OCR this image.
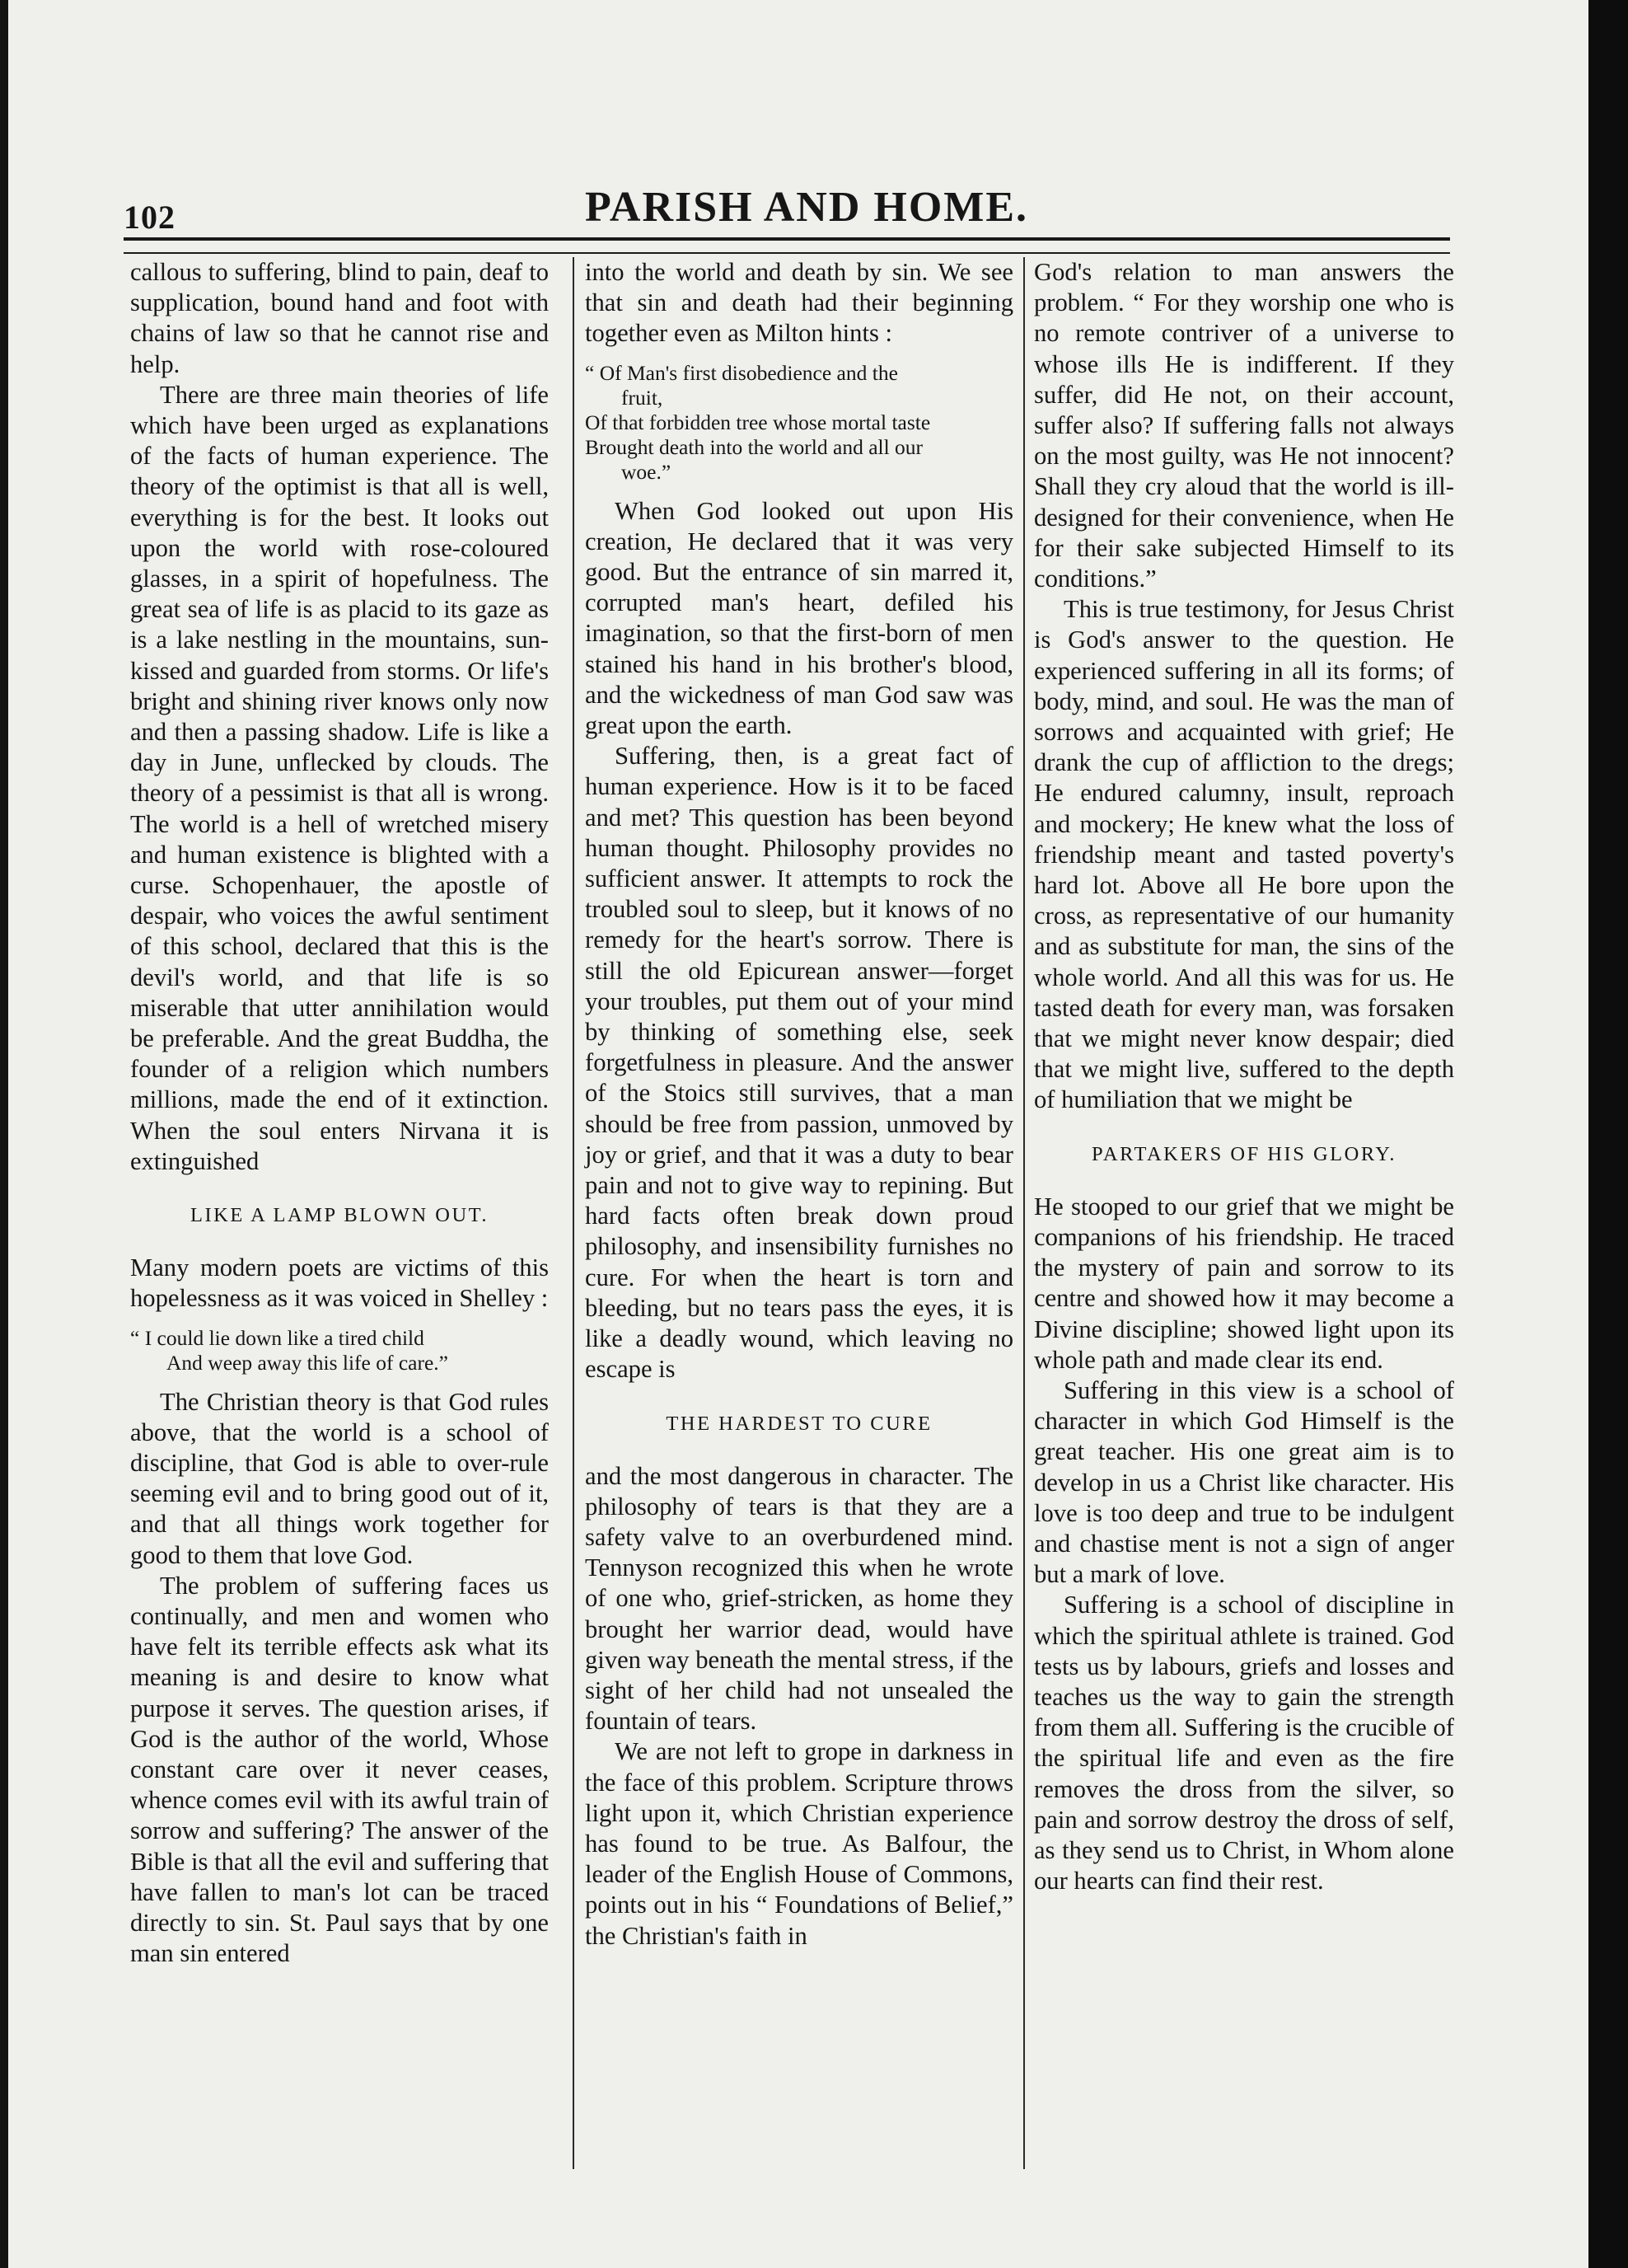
102	PARISH AND HOME.

callous to suffering, blind to pain, deaf to supplication, bound hand and foot with chains of law so that he cannot rise and help.

There are three main theories of life which have been urged as explanations of the facts of human experience. The theory of the optimist is that all is well, everything is for the best. It looks out upon the world with rose-coloured glasses, in a spirit of hopefulness. The great sea of life is as placid to its gaze as is a lake nestling in the mountains, sun-kissed and guarded from storms. Or life's bright and shining river knows only now and then a passing shadow. Life is like a day in June, unflecked by clouds. The theory of a pessimist is that all is wrong. The world is a hell of wretched misery and human existence is blighted with a curse. Schopenhauer, the apostle of despair, who voices the awful sentiment of this school, declared that this is the devil's world, and that life is so miserable that utter annihilation would be preferable. And the great Buddha, the founder of a religion which numbers millions, made the end of it extinction. When the soul enters Nirvana it is extinguished

LIKE A LAMP BLOWN OUT.

Many modern poets are victims of this hopelessness as it was voiced in Shelley :

“ I could lie down like a tired child
And weep away this life of care.”

The Christian theory is that God rules above, that the world is a school of discipline, that God is able to over-rule seeming evil and to bring good out of it, and that all things work together for good to them that love God.

The problem of suffering faces us continually, and men and women who have felt its terrible effects ask what its meaning is and desire to know what purpose it serves. The question arises, if God is the author of the world, Whose constant care over it never ceases, whence comes evil with its awful train of sorrow and suffering? The answer of the Bible is that all the evil and suffering that have fallen to man's lot can be traced directly to sin. St. Paul says that by one man sin entered

into the world and death by sin. We see that sin and death had their beginning together even as Milton hints :

“ Of Man's first disobedience and the
fruit,
Of that forbidden tree whose mortal taste
Brought death into the world and all our
woe.”

When God looked out upon His creation, He declared that it was very good. But the entrance of sin marred it, corrupted man's heart, defiled his imagination, so that the first-born of men stained his hand in his brother's blood, and the wickedness of man God saw was great upon the earth.

Suffering, then, is a great fact of human experience. How is it to be faced and met? This question has been beyond human thought. Philosophy provides no sufficient answer. It attempts to rock the troubled soul to sleep, but it knows of no remedy for the heart's sorrow. There is still the old Epicurean answer—forget your troubles, put them out of your mind by thinking of something else, seek forgetfulness in pleasure. And the answer of the Stoics still survives, that a man should be free from passion, unmoved by joy or grief, and that it was a duty to bear pain and not to give way to repining. But hard facts often break down proud philosophy, and insensibility furnishes no cure. For when the heart is torn and bleeding, but no tears pass the eyes, it is like a deadly wound, which leaving no escape is

THE HARDEST TO CURE

and the most dangerous in character. The philosophy of tears is that they are a safety valve to an overburdened mind. Tennyson recognized this when he wrote of one who, grief-stricken, as home they brought her warrior dead, would have given way beneath the mental stress, if the sight of her child had not unsealed the fountain of tears.

We are not left to grope in darkness in the face of this problem. Scripture throws light upon it, which Christian experience has found to be true. As Balfour, the leader of the English House of Commons, points out in his “ Foundations of Belief,” the Christian's faith in

God's relation to man answers the problem. “ For they worship one who is no remote contriver of a universe to whose ills He is indifferent. If they suffer, did He not, on their account, suffer also? If suffering falls not always on the most guilty, was He not innocent? Shall they cry aloud that the world is ill-designed for their convenience, when He for their sake subjected Himself to its conditions.”

This is true testimony, for Jesus Christ is God's answer to the question. He experienced suffering in all its forms; of body, mind, and soul. He was the man of sorrows and acquainted with grief; He drank the cup of affliction to the dregs; He endured calumny, insult, reproach and mockery; He knew what the loss of friendship meant and tasted poverty's hard lot. Above all He bore upon the cross, as representative of our humanity and as substitute for man, the sins of the whole world. And all this was for us. He tasted death for every man, was forsaken that we might never know despair; died that we might live, suffered to the depth of humiliation that we might be

PARTAKERS OF HIS GLORY.

He stooped to our grief that we might be companions of his friendship. He traced the mystery of pain and sorrow to its centre and showed how it may become a Divine discipline; showed light upon its whole path and made clear its end.

Suffering in this view is a school of character in which God Himself is the great teacher. His one great aim is to develop in us a Christ like character. His love is too deep and true to be indulgent and chastise ment is not a sign of anger but a mark of love.

Suffering is a school of discipline in which the spiritual athlete is trained. God tests us by labours, griefs and losses and teaches us the way to gain the strength from them all. Suffering is the crucible of the spiritual life and even as the fire removes the dross from the silver, so pain and sorrow destroy the dross of self, as they send us to Christ, in Whom alone our hearts can find their rest.
